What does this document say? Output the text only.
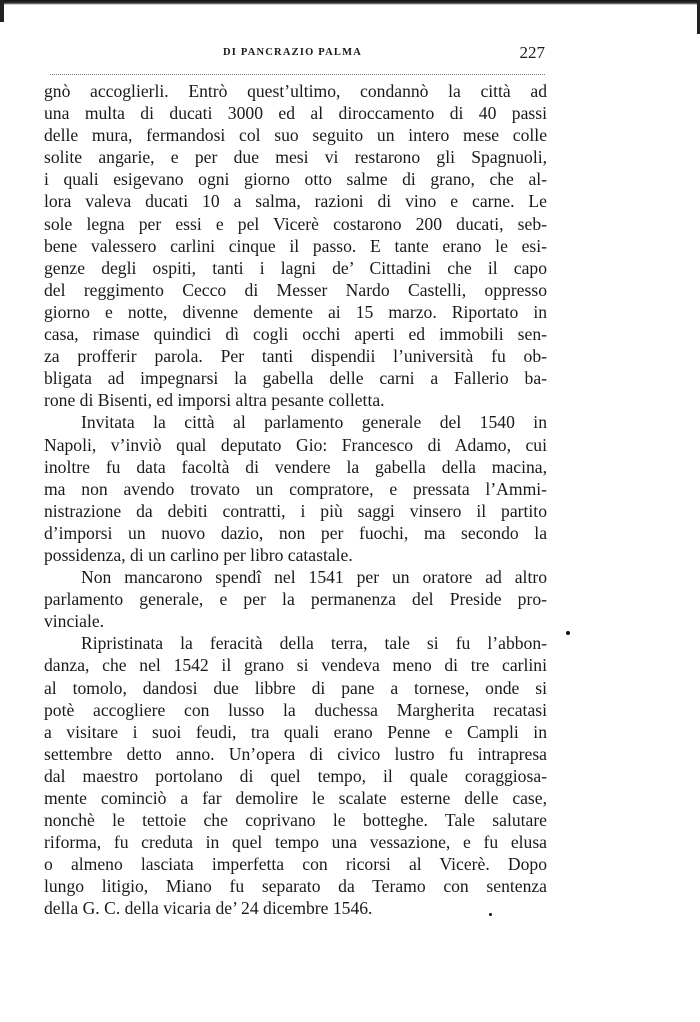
DI PANCRAZIO PALMA	227
gnò accoglierli. Entrò quest’ultimo, condannò la città ad
una multa di ducati 3000 ed al diroccamento di 40 passi
delle mura, fermandosi col suo seguito un intero mese colle
solite angarie, e per due mesi vi restarono gli Spagnuoli,
i quali esigevano ogni giorno otto salme di grano, che al-
lora valeva ducati 10 a salma, razioni di vino e carne. Le
sole legna per essi e pel Vicerè costarono 200 ducati, seb-
bene valessero carlini cinque il passo. E tante erano le esi-
genze degli ospiti, tanti i lagni de’ Cittadini che il capo
del reggimento Cecco di Messer Nardo Castelli, oppresso
giorno e notte, divenne demente ai 15 marzo. Riportato in
casa, rimase quindici dì cogli occhi aperti ed immobili sen-
za profferir parola. Per tanti dispendii l’università fu ob-
bligata ad impegnarsi la gabella delle carni a Fallerio ba-
rone di Bisenti, ed imporsi altra pesante colletta.
Invitata la città al parlamento generale del 1540 in
Napoli, v’inviò qual deputato Gio: Francesco di Adamo, cui
inoltre fu data facoltà di vendere la gabella della macina,
ma non avendo trovato un compratore, e pressata l’Ammi-
nistrazione da debiti contratti, i più saggi vinsero il partito
d’imporsi un nuovo dazio, non per fuochi, ma secondo la
possidenza, di un carlino per libro catastale.
Non mancarono spendî nel 1541 per un oratore ad altro
parlamento generale, e per la permanenza del Preside pro-
vinciale.
Ripristinata la feracità della terra, tale si fu l’abbon-
danza, che nel 1542 il grano si vendeva meno di tre carlini
al tomolo, dandosi due libbre di pane a tornese, onde si
potè accogliere con lusso la duchessa Margherita recatasi
a visitare i suoi feudi, tra quali erano Penne e Campli in
settembre detto anno. Un’opera di civico lustro fu intrapresa
dal maestro portolano di quel tempo, il quale coraggiosa-
mente cominciò a far demolire le scalate esterne delle case,
nonchè le tettoie che coprivano le botteghe. Tale salutare
riforma, fu creduta in quel tempo una vessazione, e fu elusa
o almeno lasciata imperfetta con ricorsi al Vicerè. Dopo
lungo litigio, Miano fu separato da Teramo con sentenza
della G. C. della vicaria de’ 24 dicembre 1546.
